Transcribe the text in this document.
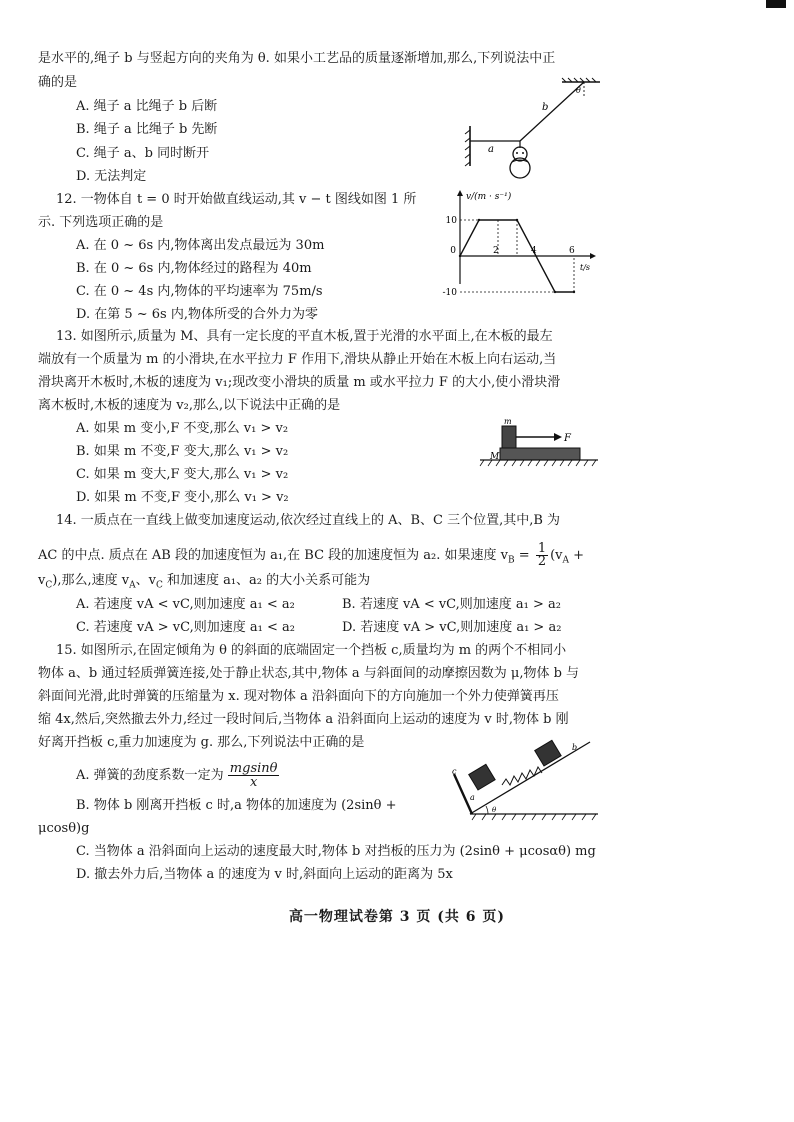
是水平的,绳子 b 与竖起方向的夹角为 θ. 如果小工艺品的质量逐渐增加,那么,下列说法中正
确的是
A. 绳子 a 比绳子 b 后断
B. 绳子 a 比绳子 b 先断
C. 绳子 a、b 同时断开
D. 无法判定
θ
b
a
12. 一物体自 t = 0 时开始做直线运动,其 v − t 图线如图 1 所
示. 下列选项正确的是
A. 在 0 ~ 6s 内,物体离出发点最远为 30m
B. 在 0 ~ 6s 内,物体经过的路程为 40m
C. 在 0 ~ 4s 内,物体的平均速率为 75m/s
D. 在第 5 ~ 6s 内,物体所受的合外力为零
v/(m · s⁻¹)
t/s
0	2	4	6
10
-10
13. 如图所示,质量为 M、具有一定长度的平直木板,置于光滑的水平面上,在木板的最左
端放有一个质量为 m 的小滑块,在水平拉力 F 作用下,滑块从静止开始在木板上向右运动,当
滑块离开木板时,木板的速度为 v₁;现改变小滑块的质量 m 或水平拉力 F 的大小,使小滑块滑
离木板时,木板的速度为 v₂,那么,以下说法中正确的是
A. 如果 m 变小,F 不变,那么 v₁ > v₂
B. 如果 m 不变,F 变大,那么 v₁ > v₂
C. 如果 m 变大,F 变大,那么 v₁ > v₂
D. 如果 m 不变,F 变小,那么 v₁ > v₂
m
F
M
14. 一质点在一直线上做变加速度运动,依次经过直线上的 A、B、C 三个位置,其中,B 为
AC 的中点. 质点在 AB 段的加速度恒为 a₁,在 BC 段的加速度恒为 a₂. 如果速度 $v_B = \frac{1}{2} (v_A$ +
$v_C$),那么,速度 $v_A$、$v_C$ 和加速度 a₁、a₂ 的大小关系可能为
A. 若速度 vA < vC,则加速度 a₁ < a₂	B. 若速度 vA < vC,则加速度 a₁ > a₂
C. 若速度 vA > vC,则加速度 a₁ < a₂	D. 若速度 vA > vC,则加速度 a₁ > a₂
15. 如图所示,在固定倾角为 θ 的斜面的底端固定一个挡板 c,质量均为 m 的两个不相同小
物体 a、b 通过轻质弹簧连接,处于静止状态,其中,物体 a 与斜面间的动摩擦因数为 μ,物体 b 与
斜面间光滑,此时弹簧的压缩量为 x. 现对物体 a 沿斜面向下的方向施加一个外力使弹簧再压
缩 4x,然后,突然撤去外力,经过一段时间后,当物体 a 沿斜面向上运动的速度为 v 时,物体 b 刚
好离开挡板 c,重力加速度为 g. 那么,下列说法中正确的是
A. 弹簧的劲度系数一定为 $\frac{mgsin\theta}{x}$
B. 物体 b 刚离开挡板 c 时,a 物体的加速度为 (2sinθ +
μcosθ)g
C. 当物体 a 沿斜面向上运动的速度最大时,物体 b 对挡板的压力为 (2sinθ + μcosαθ) mg
D. 撤去外力后,当物体 a 的速度为 v 时,斜面向上运动的距离为 5x
c
a
b
θ
高一物理试卷第 3 页 (共 6 页)
